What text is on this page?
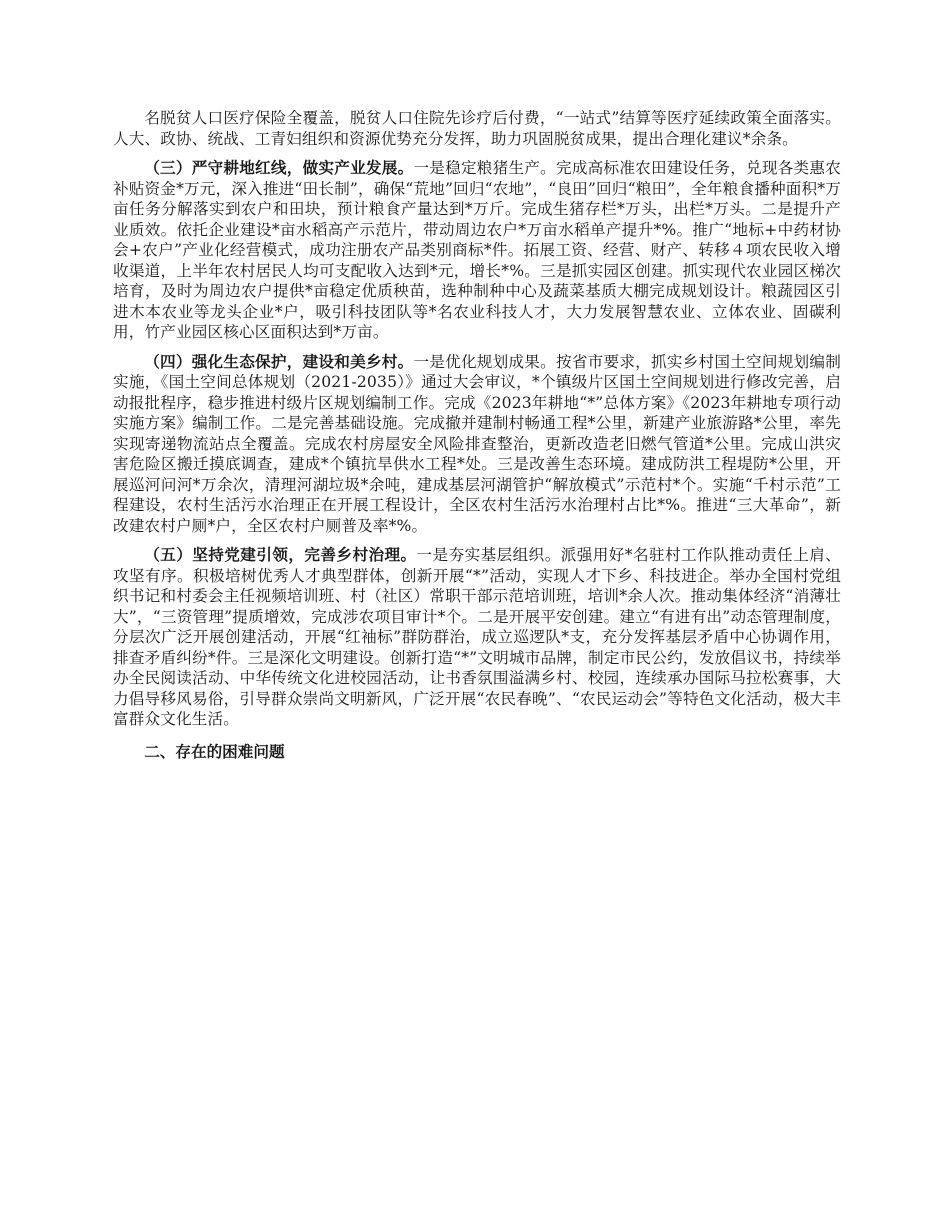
名脱贫人口医疗保险全覆盖，脱贫人口住院先诊疗后付费，“一站式”结算等医疗延续政策全面落实。人大、政协、统战、工青妇组织和资源优势充分发挥，助力巩固脱贫成果，提出合理化建议*余条。

（三）严守耕地红线，做实产业发展。一是稳定粮猪生产。完成高标准农田建设任务，兑现各类惠农补贴资金*万元，深入推进“田长制”，确保“荒地”回归“农地”，“良田”回归“粮田”，全年粮食播种面积*万亩任务分解落实到农户和田块，预计粮食产量达到*万斤。完成生猪存栏*万头，出栏*万头。二是提升产业质效。依托企业建设*亩水稻高产示范片，带动周边农户*万亩水稻单产提升*%。推广“地标+中药材协会+农户”产业化经营模式，成功注册农产品类别商标*件。拓展工资、经营、财产、转移４项农民收入增收渠道，上半年农村居民人均可支配收入达到*元，增长*%。三是抓实园区创建。抓实现代农业园区梯次培育，及时为周边农户提供*亩稳定优质秧苗，选种制种中心及蔬菜基质大棚完成规划设计。粮蔬园区引进木本农业等龙头企业*户，吸引科技团队等*名农业科技人才，大力发展智慧农业、立体农业、固碳利用，竹产业园区核心区面积达到*万亩。

（四）强化生态保护，建设和美乡村。一是优化规划成果。按省市要求，抓实乡村国土空间规划编制实施，《国土空间总体规划（2021-2035）》通过大会审议，*个镇级片区国土空间规划进行修改完善，启动报批程序，稳步推进村级片区规划编制工作。完成《2023年耕地“*”总体方案》《2023年耕地专项行动实施方案》编制工作。二是完善基础设施。完成撤并建制村畅通工程*公里，新建产业旅游路*公里，率先实现寄递物流站点全覆盖。完成农村房屋安全风险排查整治，更新改造老旧燃气管道*公里。完成山洪灾害危险区搬迁摸底调查，建成*个镇抗旱供水工程*处。三是改善生态环境。建成防洪工程堤防*公里，开展巡河问河*万余次，清理河湖垃圾*余吨，建成基层河湖管护“解放模式”示范村*个。实施“千村示范”工程建设，农村生活污水治理正在开展工程设计，全区农村生活污水治理村占比*%。推进“三大革命”，新改建农村户厕*户，全区农村户厕普及率*%。

（五）坚持党建引领，完善乡村治理。一是夯实基层组织。派强用好*名驻村工作队推动责任上肩、攻坚有序。积极培树优秀人才典型群体，创新开展“*”活动，实现人才下乡、科技进企。举办全国村党组织书记和村委会主任视频培训班、村（社区）常职干部示范培训班，培训*余人次。推动集体经济“消薄壮大”，“三资管理”提质增效，完成涉农项目审计*个。二是开展平安创建。建立“有进有出”动态管理制度，分层次广泛开展创建活动，开展“红袖标”群防群治，成立巡逻队*支，充分发挥基层矛盾中心协调作用，排查矛盾纠纷*件。三是深化文明建设。创新打造“*”文明城市品牌，制定市民公约，发放倡议书，持续举办全民阅读活动、中华传统文化进校园活动，让书香氛围溢满乡村、校园，连续承办国际马拉松赛事，大力倡导移风易俗，引导群众崇尚文明新风，广泛开展“农民春晚”、“农民运动会”等特色文化活动，极大丰富群众文化生活。

二、存在的困难问题
